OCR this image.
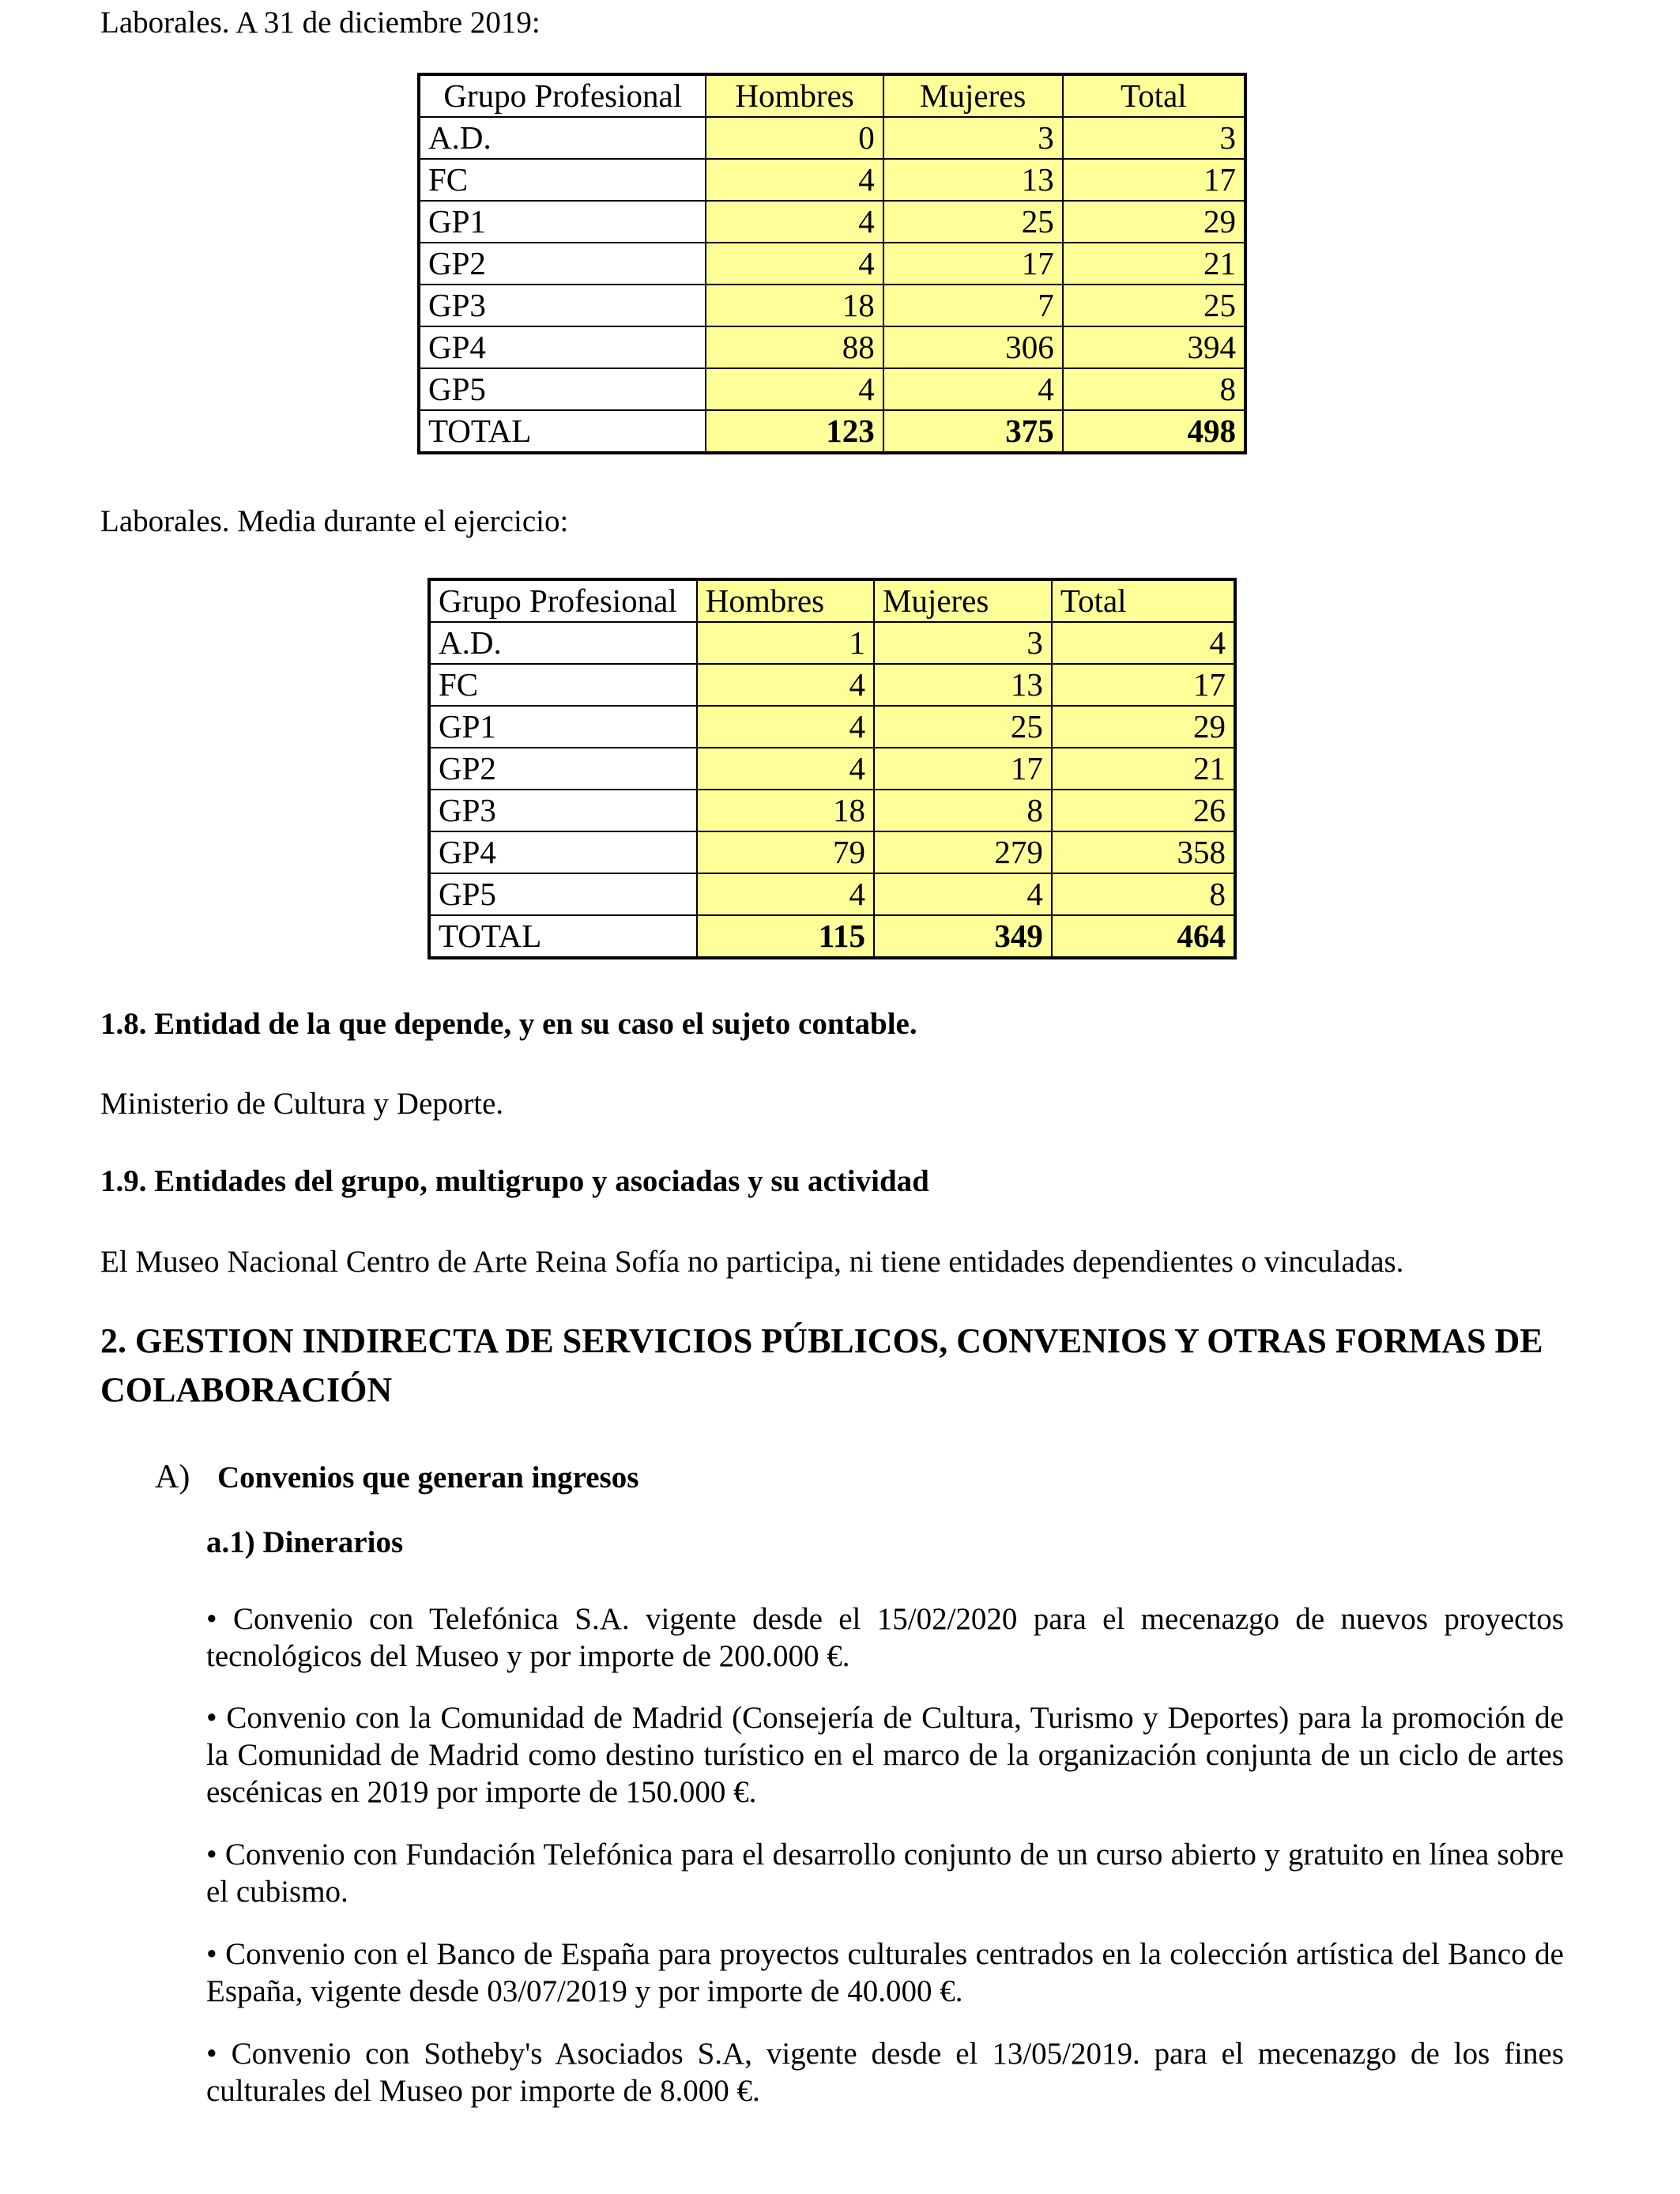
Laborales. A 31 de diciembre 2019:
Grupo Profesional	Hombres	Mujeres	Total
A.D.	0	3	3
FC	4	13	17
GP1	4	25	29
GP2	4	17	21
GP3	18	7	25
GP4	88	306	394
GP5	4	4	8
TOTAL	123	375	498
Laborales. Media durante el ejercicio:
Grupo Profesional	Hombres	Mujeres	Total
A.D.	1	3	4
FC	4	13	17
GP1	4	25	29
GP2	4	17	21
GP3	18	8	26
GP4	79	279	358
GP5	4	4	8
TOTAL	115	349	464
1.8. Entidad de la que depende, y en su caso el sujeto contable.
Ministerio de Cultura y Deporte.
1.9. Entidades del grupo, multigrupo y asociadas y su actividad
El Museo Nacional Centro de Arte Reina Sofía no participa, ni tiene entidades dependientes o vinculadas.
2. GESTION INDIRECTA DE SERVICIOS PÚBLICOS, CONVENIOS Y OTRAS FORMAS DE COLABORACIÓN
A) Convenios que generan ingresos
a.1) Dinerarios
• Convenio con Telefónica S.A. vigente desde el 15/02/2020 para el mecenazgo de nuevos proyectos tecnológicos del Museo y por importe de 200.000 €.
• Convenio con la Comunidad de Madrid (Consejería de Cultura, Turismo y Deportes) para la promoción de la Comunidad de Madrid como destino turístico en el marco de la organización conjunta de un ciclo de artes escénicas en 2019 por importe de 150.000 €.
• Convenio con Fundación Telefónica para el desarrollo conjunto de un curso abierto y gratuito en línea sobre el cubismo.
• Convenio con el Banco de España para proyectos culturales centrados en la colección artística del Banco de España, vigente desde 03/07/2019 y por importe de 40.000 €.
• Convenio con Sotheby's Asociados S.A, vigente desde el 13/05/2019. para el mecenazgo de los fines culturales del Museo por importe de 8.000 €.
